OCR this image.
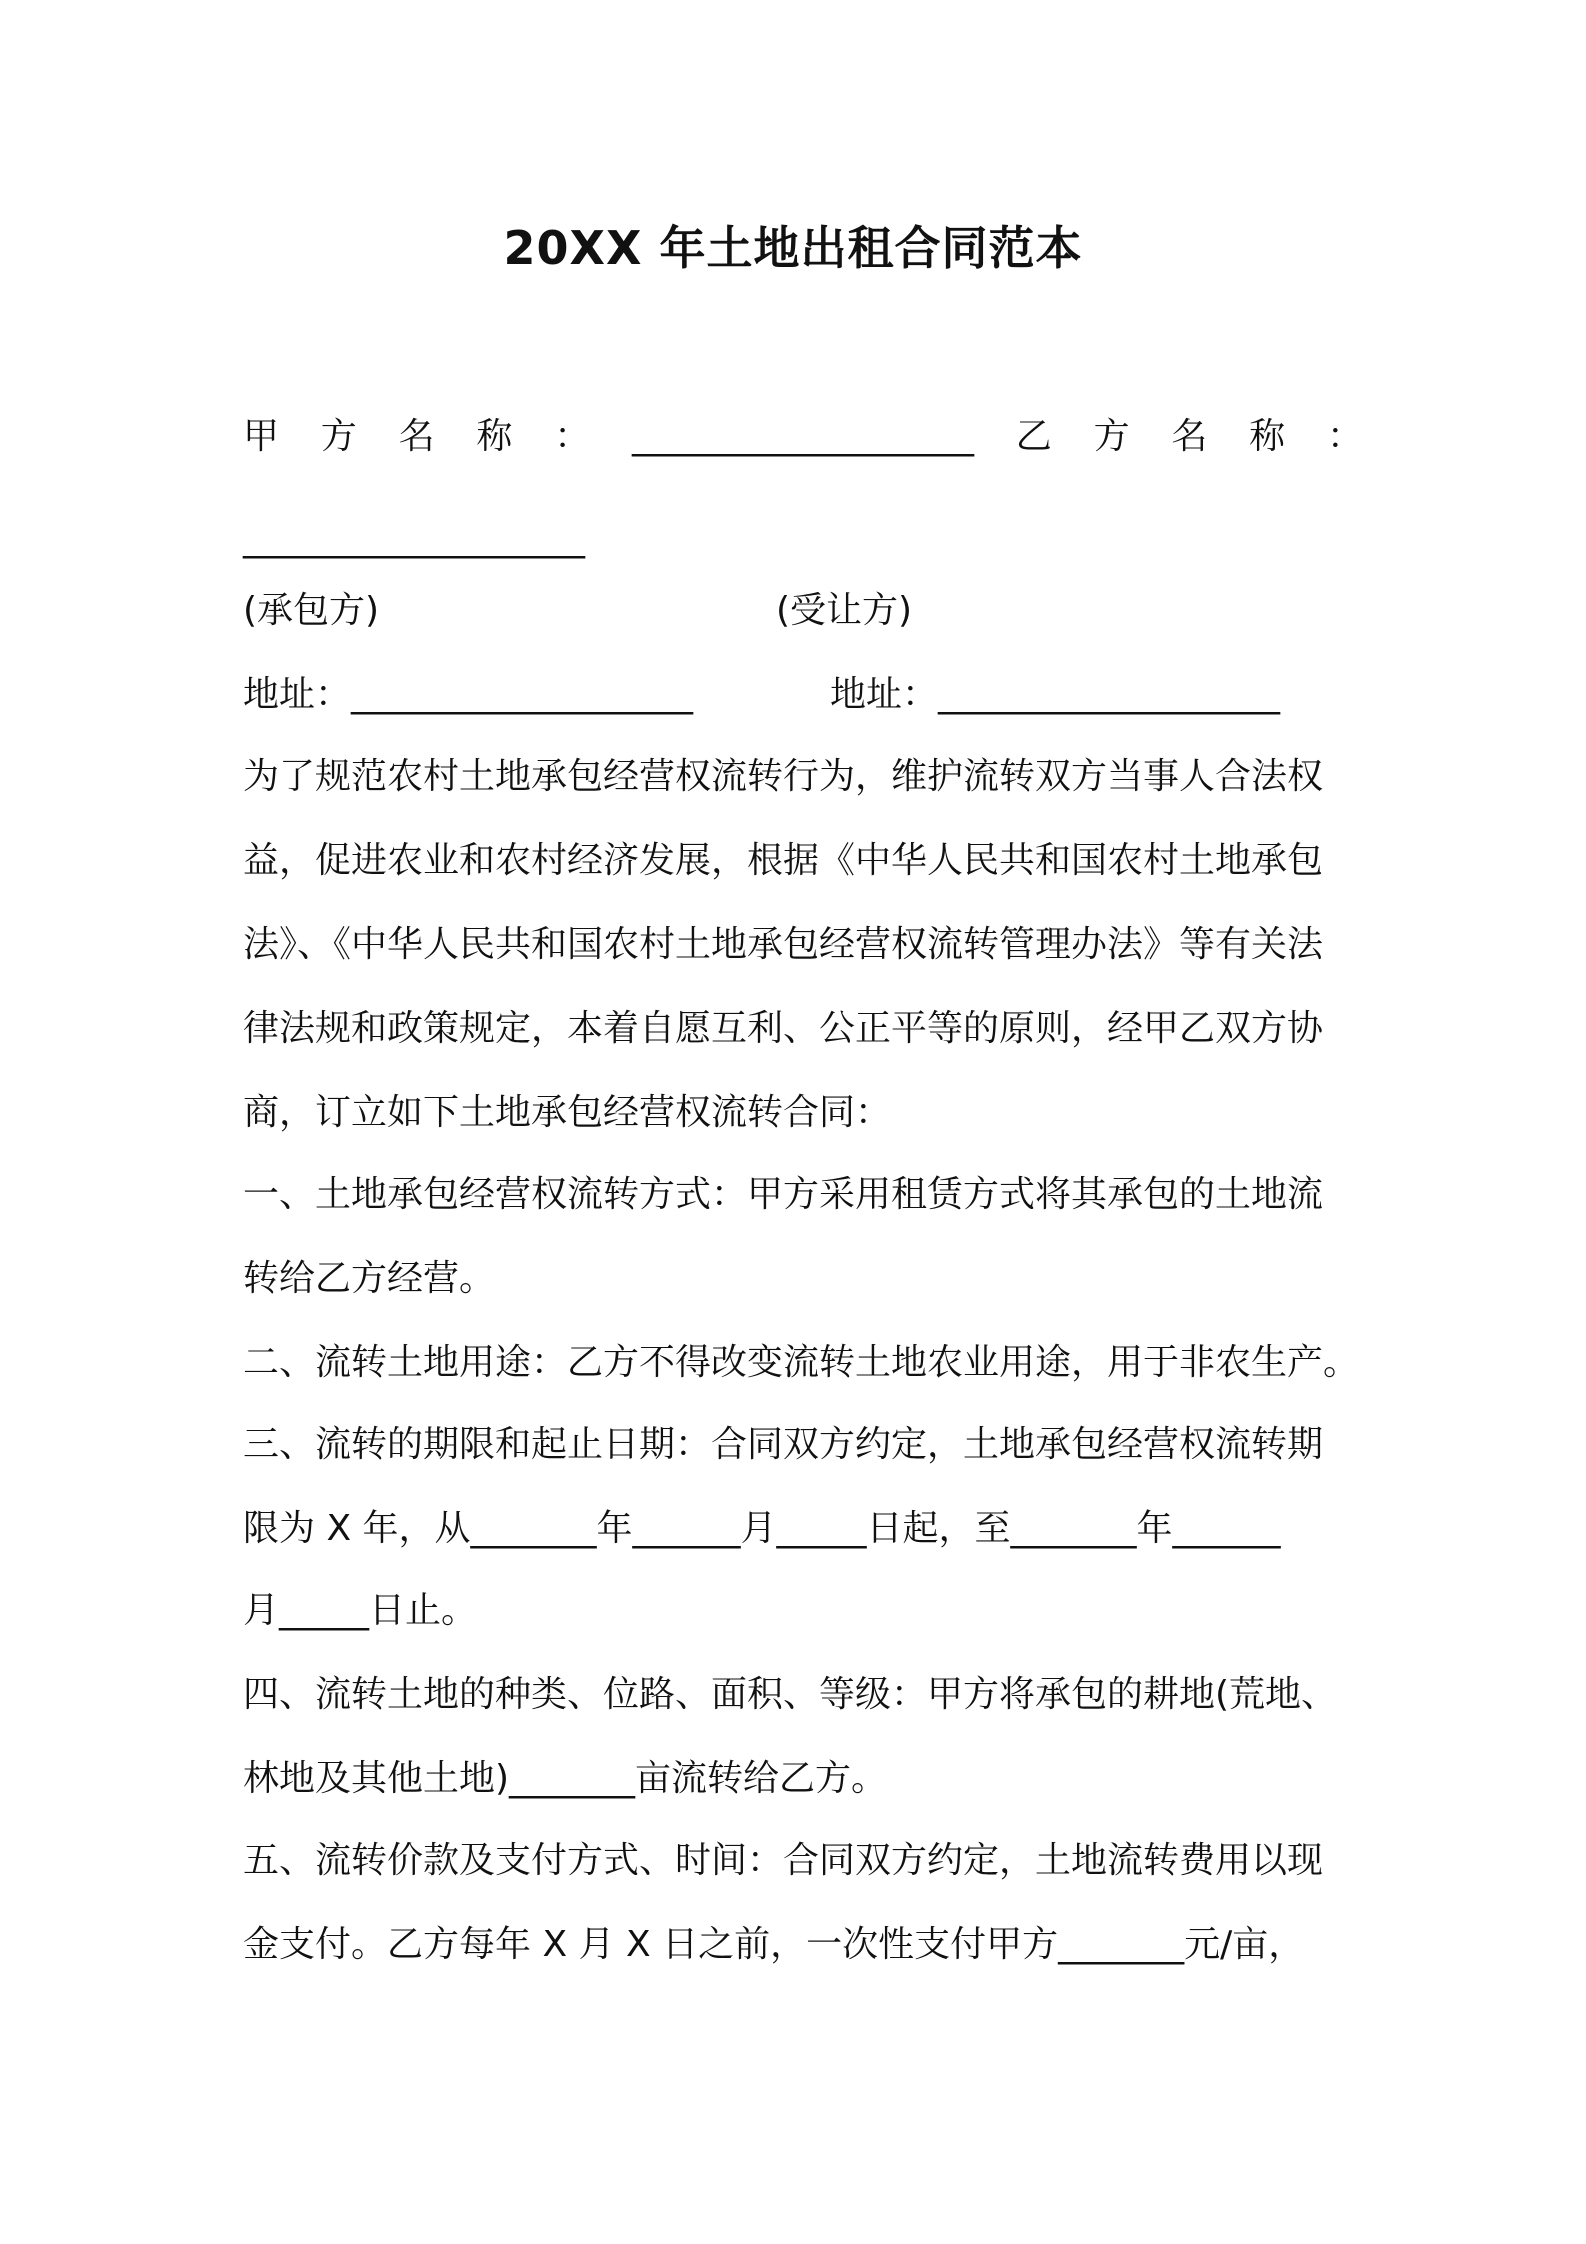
20XX 年土地出租合同范本
甲 方 名 称 ： ___________________ 乙 方 名 称 ：
___________________
(承包方)	(受让方)
地址：___________________	地址：___________________
为了规范农村土地承包经营权流转行为，维护流转双方当事人合法权
益，促进农业和农村经济发展，根据《中华人民共和国农村土地承包
法》、《中华人民共和国农村土地承包经营权流转管理办法》等有关法
律法规和政策规定，本着自愿互利、公正平等的原则，经甲乙双方协
商，订立如下土地承包经营权流转合同：
一、土地承包经营权流转方式：甲方采用租赁方式将其承包的土地流
转给乙方经营。
二、流转土地用途：乙方不得改变流转土地农业用途，用于非农生产。
三、流转的期限和起止日期：合同双方约定，土地承包经营权流转期
限为 X 年，从_______年______月_____日起，至_______年______
月_____日止。
四、流转土地的种类、位路、面积、等级：甲方将承包的耕地(荒地、
林地及其他土地)_______亩流转给乙方。
五、流转价款及支付方式、时间：合同双方约定，土地流转费用以现
金支付。乙方每年 X 月 X 日之前，一次性支付甲方_______元/亩，
